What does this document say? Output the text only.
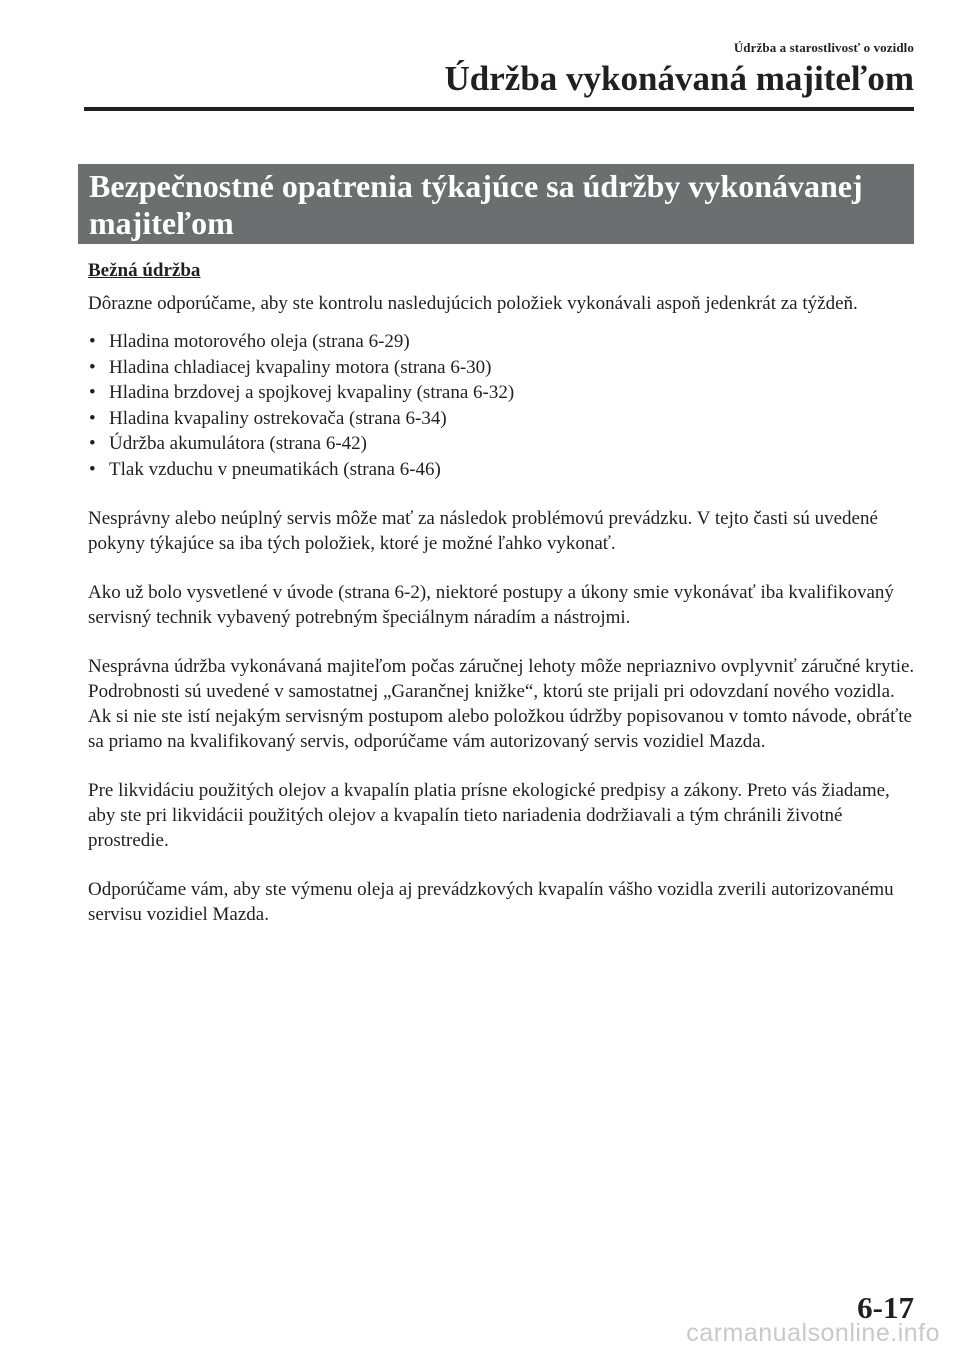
Údržba a starostlivosť o vozidlo
Údržba vykonávaná majiteľom
Bezpečnostné opatrenia týkajúce sa údržby vykonávanej majiteľom
Bežná údržba

Dôrazne odporúčame, aby ste kontrolu nasledujúcich položiek vykonávali aspoň jedenkrát za týždeň.

• Hladina motorového oleja (strana 6-29)
• Hladina chladiacej kvapaliny motora (strana 6-30)
• Hladina brzdovej a spojkovej kvapaliny (strana 6-32)
• Hladina kvapaliny ostrekovača (strana 6-34)
• Údržba akumulátora (strana 6-42)
• Tlak vzduchu v pneumatikách (strana 6-46)

Nesprávny alebo neúplný servis môže mať za následok problémovú prevádzku. V tejto časti sú uvedené pokyny týkajúce sa iba tých položiek, ktoré je možné ľahko vykonať.

Ako už bolo vysvetlené v úvode (strana 6-2), niektoré postupy a úkony smie vykonávať iba kvalifikovaný servisný technik vybavený potrebným špeciálnym náradím a nástrojmi.

Nesprávna údržba vykonávaná majiteľom počas záručnej lehoty môže nepriaznivo ovplyvniť záručné krytie. Podrobnosti sú uvedené v samostatnej „Garančnej knižke“, ktorú ste prijali pri odovzdaní nového vozidla. Ak si nie ste istí nejakým servisným postupom alebo položkou údržby popisovanou v tomto návode, obráťte sa priamo na kvalifikovaný servis, odporúčame vám autorizovaný servis vozidiel Mazda.

Pre likvidáciu použitých olejov a kvapalín platia prísne ekologické predpisy a zákony. Preto vás žiadame, aby ste pri likvidácii použitých olejov a kvapalín tieto nariadenia dodržiavali a tým chránili životné prostredie.

Odporúčame vám, aby ste výmenu oleja aj prevádzkových kvapalín vášho vozidla zverili autorizovanému servisu vozidiel Mazda.

6-17
carmanualsonline.info
